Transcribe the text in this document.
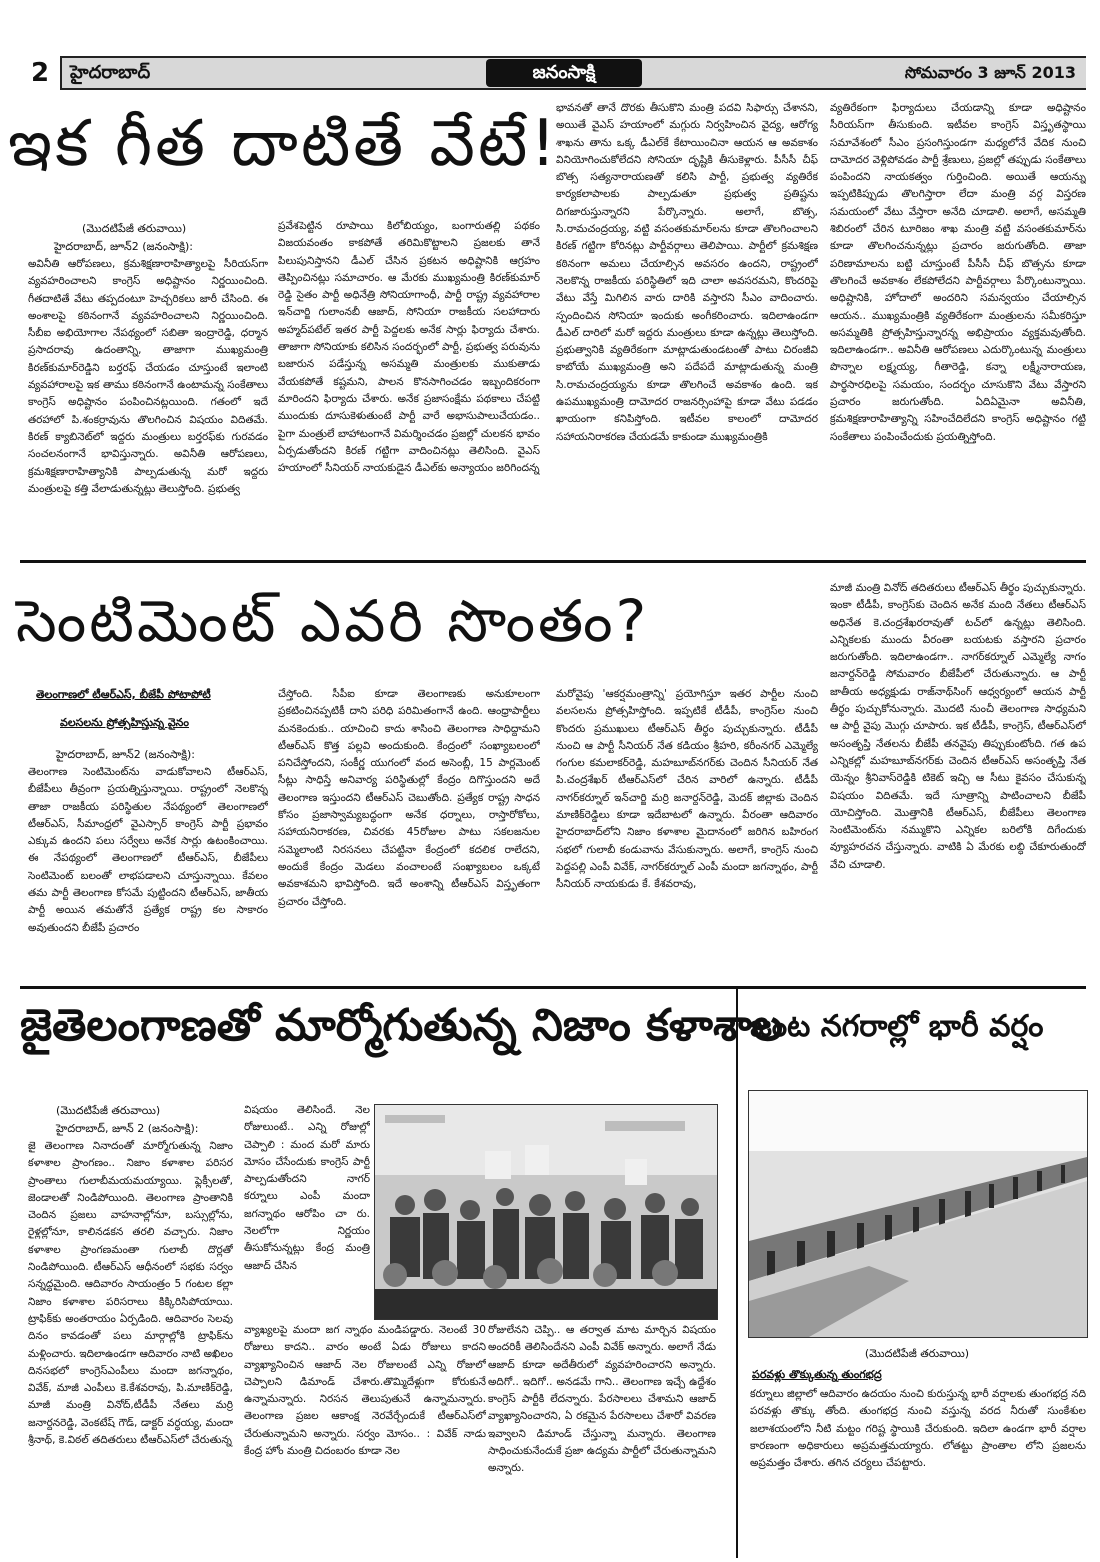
2	హైదరాబాద్	జనంసాక్షి	సోమవారం 3 జూన్ 2013
ఇక గీత దాటితే వేటే!
(మొదటిపేజీ తరువాయి)
హైదరాబాద్‌, జూన్‌2 (జనంసాక్షి):
అవినీతి ఆరోపణలు, క్రమశిక్షణారాహిత్యాలపై సీరియస్‌గా వ్యవహరించాలని కాంగ్రెస్‌ అధిష్టానం నిర్ణయించింది. గీతదాటితే వేటు తప్పదంటూ హెచ్చరికలు జారీ చేసింది. ఈ అంశాలపై కఠినంగానే వ్యవహరించాలని నిర్ణయించింది. సీబీఐ అభియోగాల నేపథ్యంలో సబితా ఇంద్రారెడ్డి, ధర్మాన ప్రసాదరావు ఉదంతాన్ని, తాజాగా ముఖ్యమంత్రి కిరణ్‌కుమార్‌రెడ్డిని బర్తరఫ్‌ చేయడం చూస్తుంటే ఇలాంటి వ్యవహారాలపై ఇక తాము కఠినంగానే ఉంటామన్న సంకేతాలు కాంగ్రెస్‌ అధిష్టానం పంపించినట్లయింది. గతంలో ఇదే తరహాలో పి.శంకర్రావును తొలగించిన విషయం విదితమే. కిరణ్‌ క్యాబినెట్‌లో ఇద్దరు మంత్రులు బర్తరఫ్‌కు గురవడం సంచలనంగానే భావిస్తున్నారు. అవినీతి ఆరోపణలు, క్రమశిక్షణారాహిత్యానికి పాల్పడుతున్న మరో ఇద్దరు మంత్రులపై కత్తి వేలాడుతున్నట్లు తెలుస్తోంది. ప్రభుత్వ
ప్రవేశపెట్టిన రూపాయి కిలోబియ్యం, బంగారుతల్లి పథకం విజయవంతం కాకపోతే తరిమికొట్టాలని ప్రజలకు తానే పిలుపునిస్తానని డీఎల్‌ చేసిన ప్రకటన అధిష్టానికి ఆగ్రహం తెప్పించినట్లు సమాచారం. ఆ మేరకు ముఖ్యమంత్రి కిరణ్‌కుమార్‌ రెడ్డి సైతం పార్టీ అధినేత్రి సోనియాగాంధీ, పార్టీ రాష్ట్ర వ్యవహారాల ఇన్‌చార్జి గులాంనబీ ఆజాద్‌, సోనియా రాజకీయ సలహాదారు అహ్మద్‌పటేల్‌ ఇతర పార్టీ పెద్దలకు అనేక సార్లు ఫిర్యాదు చేశారు. తాజాగా సోనియాకు కలిసిన సందర్భంలో పార్టీ, ప్రభుత్వ పరువును బజారున పడేస్తున్న అసమ్మతి మంత్రులకు ముకుతాడు వేయకపోతే కష్టమని, పాలన కొనసాగించడం ఇబ్బందికరంగా మారిందని ఫిర్యాదు చేశారు. అనేక ప్రజాసంక్షేమ పథకాలు చేపట్టి ముందుకు దూసుకెళుతుంటే పార్టీ వారే అభాసుపాలుచేయడం.. పైగా మంత్రులే బాహాటంగానే విమర్శించడం ప్రజల్లో చులకన భావం ఏర్పడుతోందని కిరణ్‌ గట్టిగా వాదించినట్లు తెలిసింది. వైఎస్‌ హయాంలో సీనియర్‌ నాయకుడైన డీఎల్‌కు అన్యాయం జరిగిందన్న
భావనతో తానే దొరకు తీసుకొని మంత్రి పదవి సిఫార్సు చేశానని, అయితే వైఎస్‌ హయాంలో మగ్గురు నిర్వహించిన వైద్య, ఆరోగ్య శాఖను తాను ఒక్క డీఎల్‌కే కేటాయించినా ఆయన ఆ అవకాశం వినియోగించుకోలేదని సోనియా దృష్టికి తీసుకెళ్లారు. పీసీసీ చీఫ్‌ బొత్స సత్యనారాయణతో కలిసి పార్టీ, ప్రభుత్వ వ్యతిరేక కార్యకలాపాలకు పాల్పడుతూ ప్రభుత్వ ప్రతిష్టను దిగజారుస్తున్నారని పేర్కొన్నారు. అలాగే, బొత్స, సి.రామచంద్రయ్య, వట్టి వసంతకుమార్‌లను కూడా తొలగించాలని కిరణ్‌ గట్టిగా కోరినట్లు పార్టీవర్గాలు తెలిపాయి. పార్టీలో క్రమశిక్షణ కఠినంగా అమలు చేయాల్సిన అవసరం ఉందని, రాష్ట్రంలో నెలకొన్న రాజకీయ పరిస్థితిలో ఇది చాలా అవసరమని, కొందరిపై వేటు వేస్తే మిగిలిన వారు దారికి వస్తారని సీఎం వాదించారు. స్పందించిన సోనియా ఇందుకు అంగీకరించారు. ఇదిలాఉండగా డీఎల్‌ దారిలో మరో ఇద్దరు మంత్రులు కూడా ఉన్నట్లు తెలుస్తోంది. ప్రభుత్వానికి వ్యతిరేకంగా మాట్లాడుతుండటంతో పాటు చిరంజీవి కాబోయే ముఖ్యమంత్రి అని పదేపదే మాట్లాడుతున్న మంత్రి సి.రామచంద్రయ్యను కూడా తొలగించే అవకాశం ఉంది. ఇక ఉపముఖ్యమంత్రి దామోదర రాజనర్సింహాపై కూడా వేటు పడడం ఖాయంగా కనిపిస్తోంది. ఇటీవల కాలంలో దామోదర సహాయనిరాకరణ చేయడమే కాకుండా ముఖ్యమంత్రికి
వ్యతిరేకంగా ఫిర్యాదులు చేయడాన్ని కూడా అధిష్టానం సీరియస్‌గా తీసుకుంది. ఇటీవల కాంగ్రెస్‌ విస్తృతస్థాయి సమావేశంలో సీఎం ప్రసంగిస్తుండగా మధ్యలోనే వేదిక నుంచి దామోదర వెళ్లిపోవడం పార్టీ శ్రేణులు, ప్రజల్లో తప్పుడు సంకేతాలు పంపిందని నాయకత్వం గుర్తించింది. అయితే ఆయన్ను ఇప్పటికిప్పుడు తొలగిస్తారా లేదా మంత్రి వర్గ విస్తరణ సమయంలో వేటు వేస్తారా అనేది చూడాలి. అలాగే, అసమ్మతి శిబిరంలో చేరిన టూరిజం శాఖ మంత్రి వట్టి వసంతకుమార్‌ను కూడా తొలగించనున్నట్లు ప్రచారం జరుగుతోంది. తాజా పరిణామాలను బట్టి చూస్తుంటే పీసీసీ చీఫ్‌ బొత్సను కూడా తొలగించే అవకాశం లేకపోలేదని పార్టీవర్గాలు పేర్కొంటున్నాయి. అధిష్టానికి, హోదాలో అందరిని సమన్వయం చేయాల్సిన ఆయన.. ముఖ్యమంత్రికి వ్యతిరేకంగా మంత్రులను సమీకరిస్తూ అసమ్మతికి ప్రోత్సహిస్తున్నారన్న అభిప్రాయం వ్యక్తమవుతోంది. ఇదిలాఉండగా.. అవినీతి ఆరోపణలు ఎదుర్కొంటున్న మంత్రులు పొన్నాల లక్ష్మయ్య, గీతారెడ్డి, కన్నా లక్ష్మీనారాయణ, పార్థసారధిలపై సమయం, సందర్భం చూసుకొని వేటు వేస్తారని ప్రచారం జరుగుతోంది. ఏదిఏమైనా అవినీతి, క్రమశిక్షణారాహిత్యాన్ని సహించేదిలేదని కాంగ్రెస్‌ అధిష్టానం గట్టి సంకేతాలు పంపించేందుకు ప్రయత్నిస్తోంది.
సెంటిమెంట్ ఎవరి సొంతం?
తెలంగాణలో టీఆర్‌ఎస్‌, బీజేపీ పోటాపోటీ
వలసలను ప్రోత్సహిస్తున్న వైనం
హైదరాబాద్‌, జూన్‌2 (జనంసాక్షి):
తెలంగాణ సెంటిమెంట్‌ను వాడుకోవాలని టీఆర్‌ఎస్‌, బీజేపీలు తీవ్రంగా ప్రయత్నిస్తున్నాయి. రాష్ట్రంలో నెలకొన్న తాజా రాజకీయ పరిస్థితుల నేపథ్యంలో తెలంగాణలో టీఆర్‌ఎస్‌, సీమాంధ్రలో వైఎస్సార్‌ కాంగ్రెస్‌ పార్టీ ప్రభావం ఎక్కువ ఉందని పలు సర్వేలు అనేక సార్లు ఉటంకించాయి. ఈ నేపథ్యంలో తెలంగాణలో టీఆర్‌ఎస్‌, బీజేపీలు సెంటిమెంట్‌ బలంతో లాభపడాలని చూస్తున్నాయి. కేవలం తమ పార్టీ తెలంగాణ కోసమే పుట్టిందని టీఆర్‌ఎస్‌, జాతీయ పార్టీ అయిన తమతోనే ప్రత్యేక రాష్ట్ర కల సాకారం అవుతుందని బీజేపీ ప్రచారం
చేస్తోంది. సీపీఐ కూడా తెలంగాణకు అనుకూలంగా ప్రకటించినప్పటికీ దాని పరిధి పరిమితంగానే ఉంది. ఆంధ్రాపార్టీలు మనకెందుకు.. యాచించి కాదు శాసించి తెలంగాణ సాధిద్దామని టీఆర్‌ఎస్‌ కొత్త పల్లవి అందుకుంది. కేంద్రంలో సంఖ్యాబలంలో పనిచేస్తోందని, సంకీర్ణ యుగంలో వంద అసెంబ్లీ, 15 పార్లమెంట్‌ సీట్లు సాధిస్తే అనివార్య పరిస్థితుల్లో కేంద్రం దిగొస్తుందని అదే తెలంగాణ ఇస్తుందని టీఆర్‌ఎస్‌ చెబుతోంది. ప్రత్యేక రాష్ట్ర సాధన కోసం ప్రజాస్వామ్యబద్ధంగా అనేక ధర్నాలు, రాస్తారోకోలు, సహాయనిరాకరణ, చివరకు 45రోజుల పాటు సకలజనుల సమ్మెలాంటి నిరసనలు చేపట్టినా కేంద్రంలో కదలిక రాలేదని, అందుకే కేంద్రం మెడలు వంచాలంటే సంఖ్యాబలం ఒక్కటే అవకాశమని భావిస్తోంది. ఇదే అంశాన్ని టీఆర్‌ఎస్‌ విస్తృతంగా ప్రచారం చేస్తోంది.
మరోవైపు 'ఆకర్షమంత్రాన్ని' ప్రయోగిస్తూ ఇతర పార్టీల నుంచి వలసలను ప్రోత్సహిస్తోంది. ఇప్పటికే టీడీపీ, కాంగ్రెస్‌ల నుంచి కొందరు ప్రముఖులు టీఆర్‌ఎస్‌ తీర్థం పుచ్చుకున్నారు. టీడీపీ నుంచి ఆ పార్టీ సీనియర్‌ నేత కడియం శ్రీహరి, కరీంనగర్‌ ఎమ్మెల్యే గంగుల కమలాకర్‌రెడ్డి, మహబూబ్‌నగర్‌కు చెందిన సీనియర్‌ నేత పి.చంద్రశేఖర్‌ టీఆర్‌ఎస్‌లో చేరిన వారిలో ఉన్నారు. టీడీపీ నాగర్‌కర్నూల్‌ ఇన్‌చార్జి మర్రి జనార్దన్‌రెడ్డి, మెదక్‌ జిల్లాకు చెందిన మాణిక్‌రెడ్డిలు కూడా ఇదేబాటలో ఉన్నారు. వీరంతా ఆదివారం హైదరాబాద్‌లోని నిజాం కళాశాల మైదానంలో జరిగిన బహిరంగ సభలో గులాబీ కండువాను వేసుకున్నారు. అలాగే, కాంగ్రెస్‌ నుంచి పెద్దపల్లి ఎంపీ వివేక్‌, నాగర్‌కర్నూల్‌ ఎంపీ మందా జగన్నాథం, పార్టీ సీనియర్‌ నాయకుడు కే. కేశవరావు,
మాజీ మంత్రి వినోద్‌ తదితరులు టీఆర్‌ఎస్‌ తీర్థం పుచ్చుకున్నారు. ఇంకా టీడీపీ, కాంగ్రెస్‌కు చెందిన అనేక మంది నేతలు టీఆర్‌ఎస్‌ అధినేత కె.చంద్రశేఖరరావుతో టచ్‌లో ఉన్నట్లు తెలిసింది. ఎన్నికలకు ముందు వీరంతా బయటకు వస్తారని ప్రచారం జరుగుతోంది. ఇదిలాఉండగా.. నాగర్‌కర్నూల్‌ ఎమ్మెల్యే నాగం జనార్దన్‌రెడ్డి సోమవారం బీజేపీలో చేరుతున్నారు. ఆ పార్టీ జాతీయ అధ్యక్షుడు రాజ్‌నాథ్‌సింగ్‌ ఆధ్వర్యంలో ఆయన పార్టీ తీర్థం పుచ్చుకోనున్నారు. మొదటి నుంచీ తెలంగాణ సాధ్యమని ఆ పార్టీ వైపు మొగ్గు చూపారు. ఇక టీడీపీ, కాంగ్రెస్‌, టీఆర్‌ఎస్‌లో అసంతృప్తి నేతలను బీజేపీ తనవైపు తిప్పుకుంటోంది. గత ఉప ఎన్నికల్లో మహబూబ్‌నగర్‌కు చెందిన టీఆర్‌ఎస్‌ అసంతృప్తి నేత యెన్నం శ్రీనివాస్‌రెడ్డికి టికెట్‌ ఇచ్చి ఆ సీటు కైవసం చేసుకున్న విషయం విదితమే. ఇదే సూత్రాన్ని పాటించాలని బీజేపీ యోచిస్తోంది. మొత్తానికి టీఆర్‌ఎస్‌, బీజేపీలు తెలంగాణ సెంటిమెంట్‌ను నమ్ముకొని ఎన్నికల బరిలోకి దిగేందుకు వ్యూహరచన చేస్తున్నారు. వాటికి ఏ మేరకు లబ్ధి చేకూరుతుందో వేచి చూడాలి.
జైతెలంగాణతో మార్మోగుతున్న నిజాం కళాశాల
(మొదటిపేజీ తరువాయి)
హైదరాబాద్‌, జూన్‌ 2 (జనంసాక్షి):
జై తెలంగాణ నినాదంతో మార్మోగుతున్న నిజాం కళాశాల ప్రాంగణం.. నిజాం కళాశాల పరిసర ప్రాంతాలు గులాబీమయమయ్యాయి. ఫ్లెక్సీలతో, జెండాలతో నిండిపోయింది. తెలంగాణ ప్రాంతానికి చెందిన ప్రజలు వాహనాల్లోనూ, బస్సుల్లోను, రైళ్లల్లోనూ, కాలినడకన తరలి వచ్చారు. నిజాం కళాశాల ప్రాంగణమంతా గులాబీ దొర్లతో నిండిపోయింది. టీఆర్‌ఎస్‌ ఆధీనంలో సభకు సర్వం సన్నద్ధమైంది. ఆదివారం సాయంత్రం 5 గంటల కల్లా నిజాం కళాశాల పరిసరాలు కిక్కిరిసిపోయాయి. ట్రాఫిక్‌కు అంతరాయం ఏర్పడింది. ఆదివారం సెలవు దినం కావడంతో పలు మార్గాల్లోకి ట్రాఫిక్‌ను మళ్లించారు. ఇదిలాఉండగా ఆదివారం నాటి అఖిలం దినసభలో కాంగ్రెస్‌ఎంపీలు మందా జగన్నాథం, వివేక్‌, మాజీ ఎంపీలు కె.కేశవరావు, పి.మాణిక్‌రెడ్డి, మాజీ మంత్రి వినోద్‌,టీడీపీ నేతలు మర్రి జనార్దనరెడ్డి, వెంకటేష్‌ గౌడ్‌, డాక్టర్‌ వర్ధయ్య, మందా శ్రీనాథ్‌, కె.విఠల్‌ తదితరులు టీఆర్‌ఎస్‌లో చేరుతున్న
విషయం తెలిసిందే. నెల రోజులుంటే.. ఎన్ని రోజుల్లో చెప్పాలి : మంద మరో మారు మోసం చేసేందుకు కాంగ్రెస్‌ పార్టీ పాల్పడుతోందని నాగర్‌ కర్నూలు ఎంపీ మందా జగన్నాథం ఆరోపిం చా రు. నెలలోగా నిర్ణయం తీసుకోనున్నట్లు కేంద్ర మంత్రి ఆజాద్‌ చేసిన
వ్యాఖ్యలపై మందా జగ న్నాథం మండిపడ్డారు. నెలంటే 30 రోజులు కాదని.. వారం అంటే ఏడు రోజులు కాదని వ్యాఖ్యానించిన ఆజాద్‌ నెల రోజులంటే ఎన్ని రోజులో చెప్పాలని డిమాండ్‌ చేశారు.తొమ్మిదేళ్లుగా కోరుకునే ఉన్నామన్నారు. నిరసన తెలుపుతునే ఉన్నామన్నారు. తెలంగాణ ప్రజల ఆకాంక్ష నెరవేర్చేందుకే టీఆర్‌ఎస్‌లో చేరుతున్నామని అన్నారు. సర్వం మోసం.. : వివేక్‌ నాడు కేంద్ర హోం మంత్రి చిదంబరం కూడా నెల
రోజులేనని చెప్పి.. ఆ తర్వాత మాట మార్చిన విషయం అందరికీ తెలిసిందేనని ఎంపీ వివేక్‌ అన్నారు. అలాగే నేడు ఆజాద్‌ కూడా అదేతీరులో వ్యవహరించారని అన్నారు. అదిగో.. ఇదిగో.. అనడమే గాని.. తెలంగాణ ఇచ్చే ఉద్దేశం కాంగ్రెస్‌ పార్టీకి లేదన్నారు. పేరసాలలు చేశామని ఆజాద్‌ వ్యాఖ్యానించారని, ఏ రకమైన పేరసాలలు చేశారో వివరణ ఇవ్వాలని డిమాండ్‌ చేస్తున్నా మన్నారు. తెలంగాణ సాధించుకునేందుకే ప్రజా ఉద్యమ పార్టీలో చేరుతున్నామని అన్నారు.
జంట నగరాల్లో భారీ వర్షం
(మొదటిపేజీ తరువాయి)
పరవళ్లు తొక్కుతున్న తుంగభద్ర
కర్నూలు జిల్లాలో ఆదివారం ఉదయం నుంచి కురుస్తున్న భారీ వర్షాలకు తుంగభద్ర నది పరవళ్లు తొక్కు తోంది. తుంగభద్ర నుంచి వస్తున్న వరద నీరుతో సుంకేశుల జలాశయంలోని నీటి మట్టం గరిష్ట స్థాయికి చేరుకుంది. ఇదిలా ఉండగా భారీ వర్షాల కారణంగా అధికారులు అప్రమత్తమయ్యారు. లోతట్టు ప్రాంతాల లోని ప్రజలను అప్రమత్తం చేశారు. తగిన చర్యలు చేపట్టారు.
